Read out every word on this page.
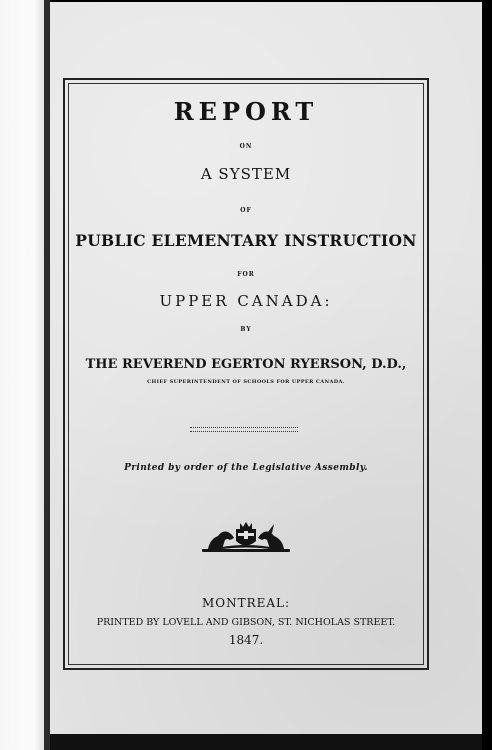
REPORT
ON
A SYSTEM
OF
PUBLIC ELEMENTARY INSTRUCTION
FOR
UPPER CANADA:
BY
THE REVEREND EGERTON RYERSON, D.D.,
CHIEF SUPERINTENDENT OF SCHOOLS FOR UPPER CANADA.
Printed by order of the Legislative Assembly.
MONTREAL:
PRINTED BY LOVELL AND GIBSON, ST. NICHOLAS STREET.
1847.
